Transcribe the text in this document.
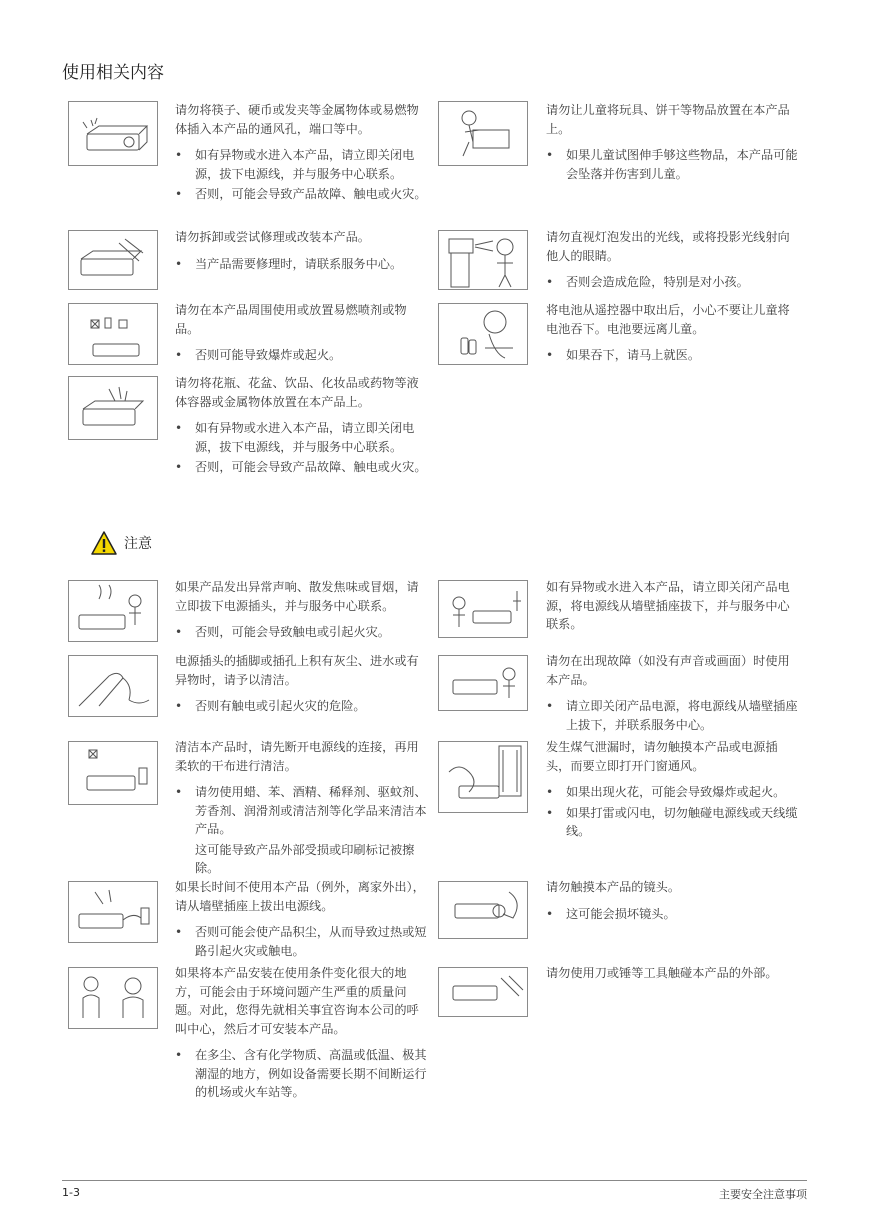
使用相关内容

请勿将筷子、硬币或发夹等金属物体或易燃物体插入本产品的通风孔，端口等中。

• 如有异物或水进入本产品，请立即关闭电源，拔下电源线，并与服务中心联系。
• 否则，可能会导致产品故障、触电或火灾。

请勿让儿童将玩具、饼干等物品放置在本产品上。

• 如果儿童试图伸手够这些物品，本产品可能会坠落并伤害到儿童。

请勿拆卸或尝试修理或改装本产品。

• 当产品需要修理时，请联系服务中心。

请勿直视灯泡发出的光线，或将投影光线射向他人的眼睛。

• 否则会造成危险，特别是对小孩。

请勿在本产品周围使用或放置易燃喷剂或物品。

• 否则可能导致爆炸或起火。

将电池从遥控器中取出后，小心不要让儿童将电池吞下。电池要远离儿童。

• 如果吞下，请马上就医。

请勿将花瓶、花盆、饮品、化妆品或药物等液体容器或金属物体放置在本产品上。

• 如有异物或水进入本产品，请立即关闭电源，拔下电源线，并与服务中心联系。
• 否则，可能会导致产品故障、触电或火灾。
注意

如果产品发出异常声响、散发焦味或冒烟，请立即拔下电源插头，并与服务中心联系。

• 否则，可能会导致触电或引起火灾。

如有异物或水进入本产品，请立即关闭产品电源，将电源线从墙壁插座拔下，并与服务中心联系。

电源插头的插脚或插孔上积有灰尘、进水或有异物时，请予以清洁。

• 否则有触电或引起火灾的危险。

请勿在出现故障（如没有声音或画面）时使用本产品。

• 请立即关闭产品电源，将电源线从墙壁插座上拔下，并联系服务中心。

清洁本产品时，请先断开电源线的连接，再用柔软的干布进行清洁。

• 请勿使用蜡、苯、酒精、稀释剂、驱蚊剂、芳香剂、润滑剂或清洁剂等化学品来清洁本产品。
这可能导致产品外部受损或印刷标记被擦除。

发生煤气泄漏时，请勿触摸本产品或电源插头，而要立即打开门窗通风。

• 如果出现火花，可能会导致爆炸或起火。
• 如果打雷或闪电，切勿触碰电源线或天线缆线。

如果长时间不使用本产品（例外，离家外出），请从墙壁插座上拔出电源线。

• 否则可能会使产品积尘，从而导致过热或短路引起火灾或触电。

请勿触摸本产品的镜头。

• 这可能会损坏镜头。

如果将本产品安装在使用条件变化很大的地方，可能会由于环境问题产生严重的质量问题。对此，您得先就相关事宜咨询本公司的呼叫中心，然后才可安装本产品。

• 在多尘、含有化学物质、高温或低温、极其潮湿的地方，例如设备需要长期不间断运行的机场或火车站等。

请勿使用刀或锤等工具触碰本产品的外部。

1-3	主要安全注意事项
